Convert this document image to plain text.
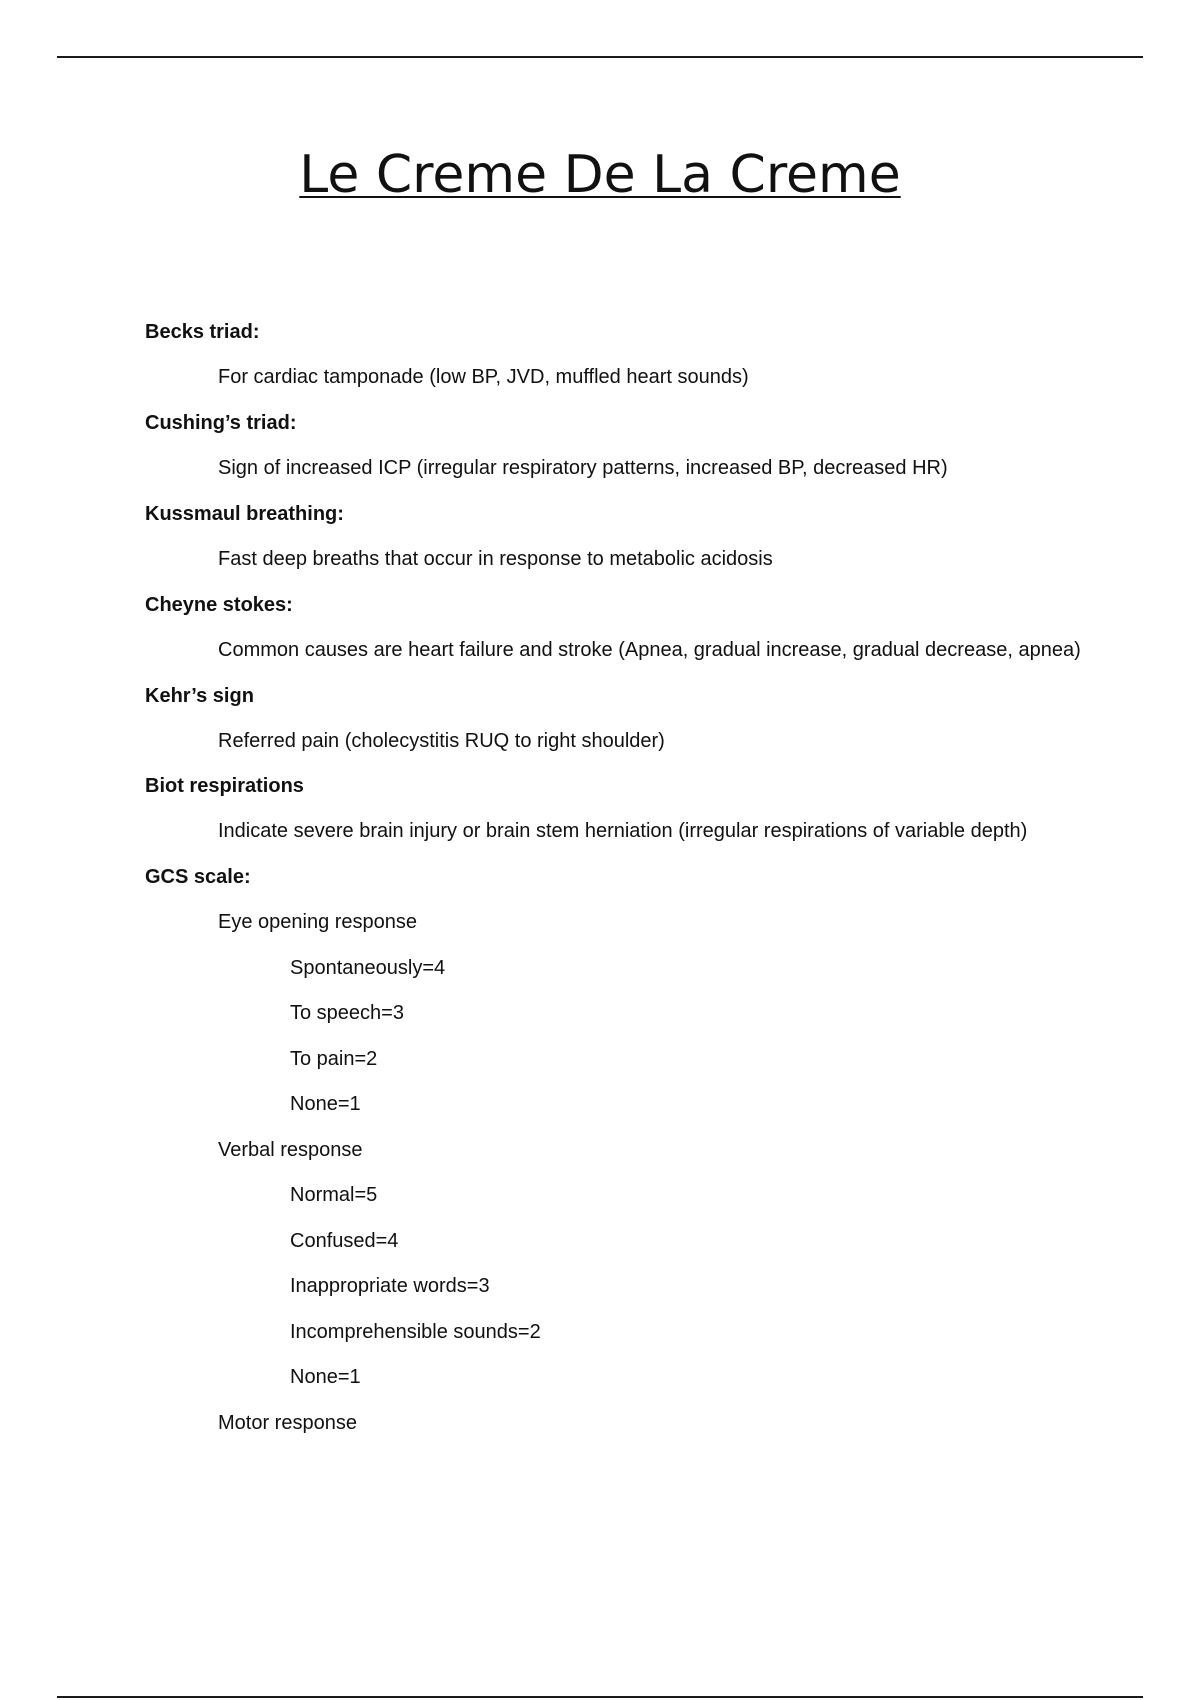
Le Creme De La Creme
Becks triad:
For cardiac tamponade (low BP, JVD, muffled heart sounds)
Cushing’s triad:
Sign of increased ICP (irregular respiratory patterns, increased BP, decreased HR)
Kussmaul breathing:
Fast deep breaths that occur in response to metabolic acidosis
Cheyne stokes:
Common causes are heart failure and stroke (Apnea, gradual increase, gradual decrease, apnea)
Kehr’s sign
Referred pain (cholecystitis RUQ to right shoulder)
Biot respirations
Indicate severe brain injury or brain stem herniation (irregular respirations of variable depth)
GCS scale:
Eye opening response
Spontaneously=4
To speech=3
To pain=2
None=1
Verbal response
Normal=5
Confused=4
Inappropriate words=3
Incomprehensible sounds=2
None=1
Motor response
